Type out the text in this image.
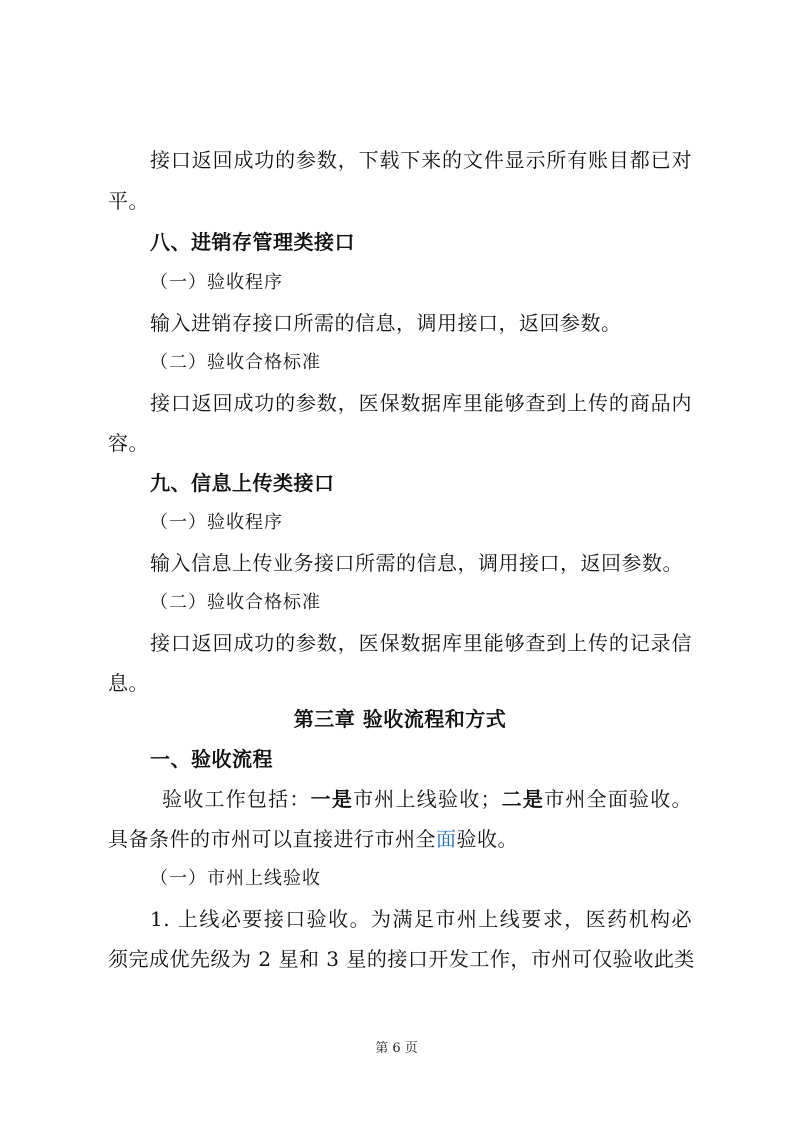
接口返回成功的参数，下载下来的文件显示所有账目都已对
平。
八、进销存管理类接口
（一）验收程序
输入进销存接口所需的信息，调用接口，返回参数。
（二）验收合格标准
接口返回成功的参数，医保数据库里能够查到上传的商品内
容。
九、信息上传类接口
（一）验收程序
输入信息上传业务接口所需的信息，调用接口，返回参数。
（二）验收合格标准
接口返回成功的参数，医保数据库里能够查到上传的记录信
息。
第三章 验收流程和方式
一、验收流程
验收工作包括：一是市州上线验收；二是市州全面验收。
具备条件的市州可以直接进行市州全面验收。
（一）市州上线验收
1. 上线必要接口验收。为满足市州上线要求，医药机构必
须完成优先级为 2 星和 3 星的接口开发工作，市州可仅验收此类
第 6 页
